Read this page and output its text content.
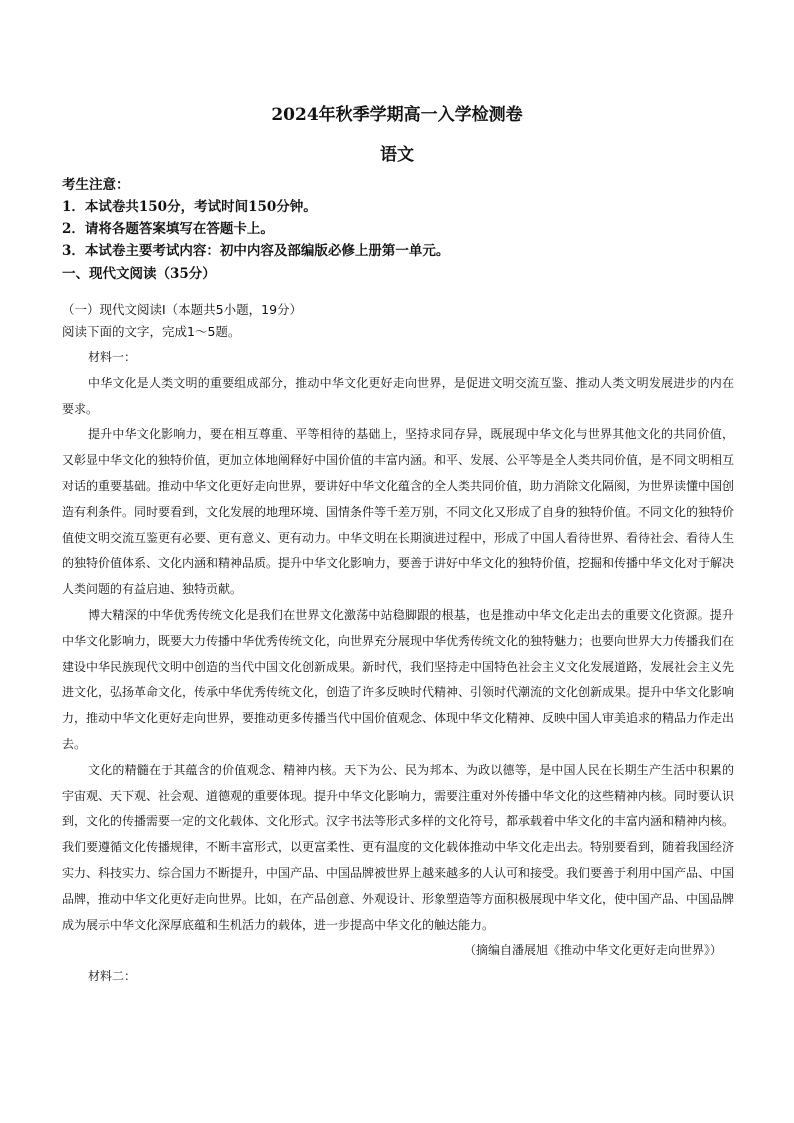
2024年秋季学期高一入学检测卷
语文
考生注意：
1．本试卷共150分，考试时间150分钟。
2．请将各题答案填写在答题卡上。
3．本试卷主要考试内容：初中内容及部编版必修上册第一单元。
一、现代文阅读（35分）
（一）现代文阅读Ⅰ（本题共5小题，19分）
阅读下面的文字，完成1～5题。
材料一：

中华文化是人类文明的重要组成部分，推动中华文化更好走向世界，是促进文明交流互鉴、推动人类文明发展进步的内在要求。

提升中华文化影响力，要在相互尊重、平等相待的基础上，坚持求同存异，既展现中华文化与世界其他文化的共同价值，又彰显中华文化的独特价值，更加立体地阐释好中国价值的丰富内涵。和平、发展、公平等是全人类共同价值，是不同文明相互对话的重要基础。推动中华文化更好走向世界，要讲好中华文化蕴含的全人类共同价值，助力消除文化隔阂，为世界读懂中国创造有利条件。同时要看到，文化发展的地理环境、国情条件等千差万别，不同文化又形成了自身的独特价值。不同文化的独特价值使文明交流互鉴更有必要、更有意义、更有动力。中华文明在长期演进过程中，形成了中国人看待世界、看待社会、看待人生的独特价值体系、文化内涵和精神品质。提升中华文化影响力，要善于讲好中华文化的独特价值，挖掘和传播中华文化对于解决人类问题的有益启迪、独特贡献。

博大精深的中华优秀传统文化是我们在世界文化激荡中站稳脚跟的根基，也是推动中华文化走出去的重要文化资源。提升中华文化影响力，既要大力传播中华优秀传统文化，向世界充分展现中华优秀传统文化的独特魅力；也要向世界大力传播我们在建设中华民族现代文明中创造的当代中国文化创新成果。新时代，我们坚持走中国特色社会主义文化发展道路，发展社会主义先进文化，弘扬革命文化，传承中华优秀传统文化，创造了许多反映时代精神、引领时代潮流的文化创新成果。提升中华文化影响力，推动中华文化更好走向世界，要推动更多传播当代中国价值观念、体现中华文化精神、反映中国人审美追求的精品力作走出去。

文化的精髓在于其蕴含的价值观念、精神内核。天下为公、民为邦本、为政以德等，是中国人民在长期生产生活中积累的宇宙观、天下观、社会观、道德观的重要体现。提升中华文化影响力，需要注重对外传播中华文化的这些精神内核。同时要认识到，文化的传播需要一定的文化载体、文化形式。汉字书法等形式多样的文化符号，都承载着中华文化的丰富内涵和精神内核。我们要遵循文化传播规律，不断丰富形式，以更富柔性、更有温度的文化载体推动中华文化走出去。特别要看到，随着我国经济实力、科技实力、综合国力不断提升，中国产品、中国品牌被世界上越来越多的人认可和接受。我们要善于利用中国产品、中国品牌，推动中华文化更好走向世界。比如，在产品创意、外观设计、形象塑造等方面积极展现中华文化，使中国产品、中国品牌成为展示中华文化深厚底蕴和生机活力的载体，进一步提高中华文化的触达能力。

（摘编自潘展旭《推动中华文化更好走向世界》）
材料二：
